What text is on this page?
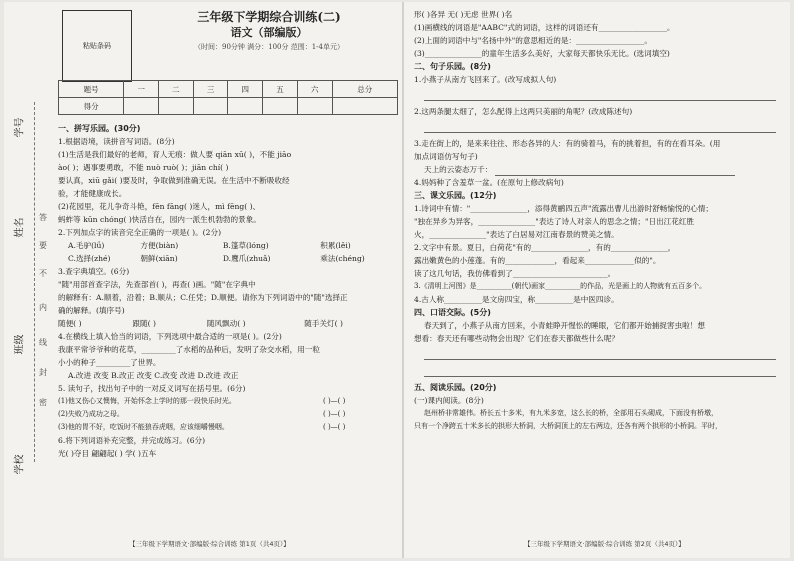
学号
姓名
班级
学校
答
要
不
内
线
封
密
粘贴条码
三年级下学期综合训练(二)
语文（部编版）
（时间：90分钟 满分：100分 范围：1-4单元）
题号	一	二	三	四	五	六	总分
得分							

一、拼写乐园。(30分)

1.根据语境，读拼音写词语。(8分)

(1)生活是我们最好的老师，育人无痕：做人要 qiān xū( )，不能 jiāo

ào( )；遇事要勇敢，不能 nuò ruò( )；jiān chí( )

要认真，xiū gǎi( )要及时，争取做到准确无误。在生活中不断吸收经

验，才能健康成长。

(2)花园里，花儿争奇斗艳，fēn fāng( )迷人，mì fēng( )、

蚂蚱等 kūn chóng( )快活自在，园内一派生机勃勃的景象。

2.下列加点字的读音完全正确的一项是( )。(2分)

A.毛驴(lǘ)	方便(biàn)	B.篷草(lóng)	积累(lěi)

C.选择(zhé)	朝鲜(xiān)	D.鹰爪(zhuǎ)	乘法(chéng)

3.查字典填空。(6分)

"随"用部首查字法，先查部首( )，再查( )画。"随"在字典中

的解释有：A.顺着，沿着；B.顺从；C.任凭；D.顺便。请你为下列词语中的"随"选择正

确的解释。(填序号)

随便( )	跟随( )	随风飘动( )	随手关灯( )

4.在横线上填入恰当的词语，下列选项中最合适的一项是( )。(2分)

我康平常爷爷种的花草，_________了水稻的品种后，发明了杂交水稻，用一粒

小小的种子_________了世界。

A.改进 改变 B.改正 改变 C.改变 改进 D.改进 改正

5. 读句子，找出句子中的一对反义词写在括号里。(6分)

(1)他又伤心又懊悔，开始怀念上学时的那一段快乐时光。	( )—( )

(2)失败乃成功之母。	( )—( )

(3)他的胃不好，吃饭时不能狼吞虎咽，应该细嚼慢咽。	( )—( )

6.将下列词语补充完整，并完成练习。(6分)

光( )夺目 翩翩起( ) 学( )五车

【三年级下学期语文·部编版·综合训练 第1页（共4页）】

形( )各异 无( )无虑 世界( )名

(1)画横线的词语是"AABC"式的词语，这样的词语还有__________________。

(2)上面的词语中与"名扬中外"的意思相近的是：__________________。

(3)_______________的童年生活多么美好，大家每天都快乐无比。(选词填空)

二、句子乐园。(8分)

1.小燕子从南方飞回来了。(改写成拟人句)

2.这两条腿太细了，怎么配得上这两只美丽的角呢？(改成陈述句)

3.走在街上的，是来来往往、形态各异的人：有的骑着马，有的挑着担，有的在看耳朵。(用

加点词语仿写句子)

天上的云姿态万千：

4.妈妈种了含羞草一盆。(在原句上修改病句)

三、课文乐园。(12分)

1.诗词中有情："_______________，添得黄鹂四五声"流露出曹儿出游时舒畅愉悦的心情；

"独在异乡为异客，_______________"表达了诗人对亲人的思念之情；"日出江花红胜

火，_______________"表达了白居易对江南春景的赞美之情。

2.文字中有景。夏日，白荷花"有的_______________，有的_______________，

露出嫩黄色的小莲蓬。有的_____________，看起来_____________似的"。

读了这几句话，我仿佛看到了_________________________。

3.《清明上河图》是__________(朝代)画家__________的作品，光是画上的人物就有五百多个。

4.古人称__________是文房四宝，称__________是中医四诊。

四、口语交际。(5分)

春天到了，小燕子从南方回来，小青蛙睁开惺忪的睡眼，它们都开始捕捉害虫啦！想

想看：春天还有哪些动物会出现？它们在春天都做些什么呢？

五、阅读乐园。(20分)

(一)课内阅读。(8分)

赵州桥非常雄伟。桥长五十多米，有九米多宽，这么长的桥，全部用石头砌成，下面没有桥墩，

只有一个净跨五十米多长的拱形大桥洞，大桥洞顶上的左右两边，还各有两个拱形的小桥洞。平时，

【三年级下学期语文·部编版·综合训练 第2页（共4页）】
